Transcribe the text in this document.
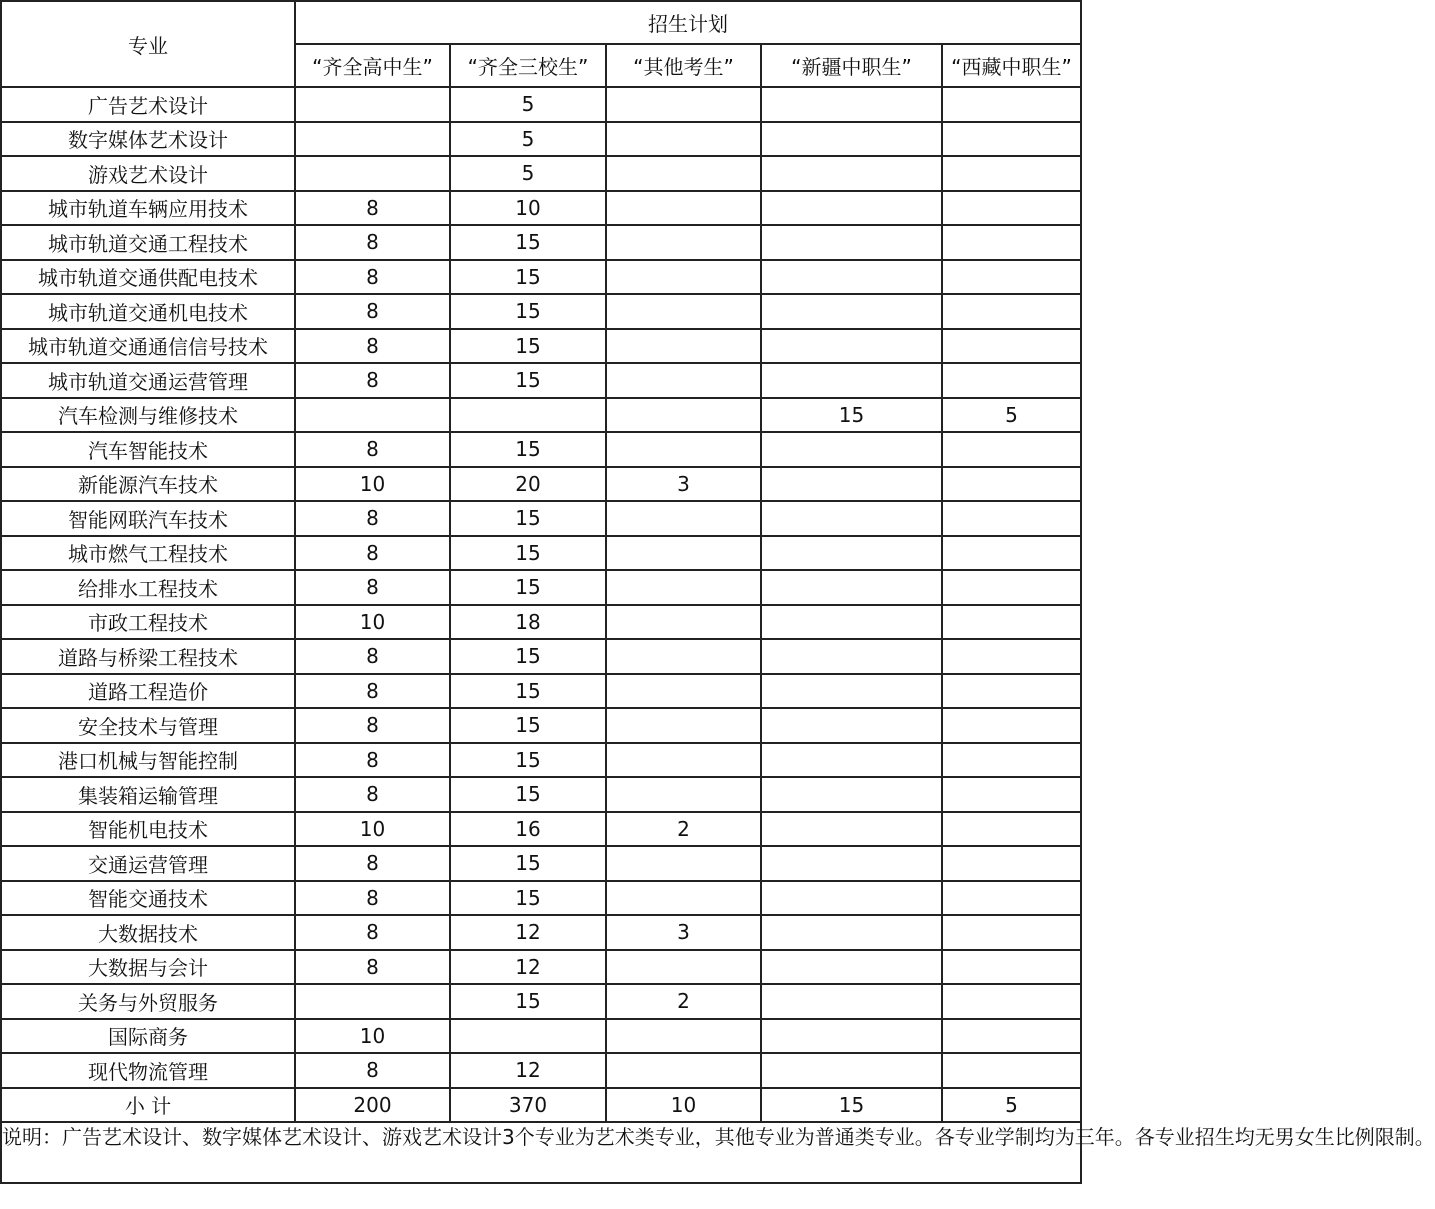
专业	招生计划				
	“齐全高中生”	“齐全三校生”	“其他考生”	“新疆中职生”	“西藏中职生”
广告艺术设计		5			
数字媒体艺术设计		5			
游戏艺术设计		5			
城市轨道车辆应用技术	8	10			
城市轨道交通工程技术	8	15			
城市轨道交通供配电技术	8	15			
城市轨道交通机电技术	8	15			
城市轨道交通通信信号技术	8	15			
城市轨道交通运营管理	8	15			
汽车检测与维修技术				15	5
汽车智能技术	8	15			
新能源汽车技术	10	20	3		
智能网联汽车技术	8	15			
城市燃气工程技术	8	15			
给排水工程技术	8	15			
市政工程技术	10	18			
道路与桥梁工程技术	8	15			
道路工程造价	8	15			
安全技术与管理	8	15			
港口机械与智能控制	8	15			
集装箱运输管理	8	15			
智能机电技术	10	16	2		
交通运营管理	8	15			
智能交通技术	8	15			
大数据技术	8	12	3		
大数据与会计	8	12			
关务与外贸服务		15	2		
国际商务	10				
现代物流管理	8	12			
小 计	200	370	10	15	5
说明：广告艺术设计、数字媒体艺术设计、游戏艺术设计3个专业为艺术类专业，其他专业为普通类专业。各专业学制均为三年。各专业招生均无男女生比例限制。					
